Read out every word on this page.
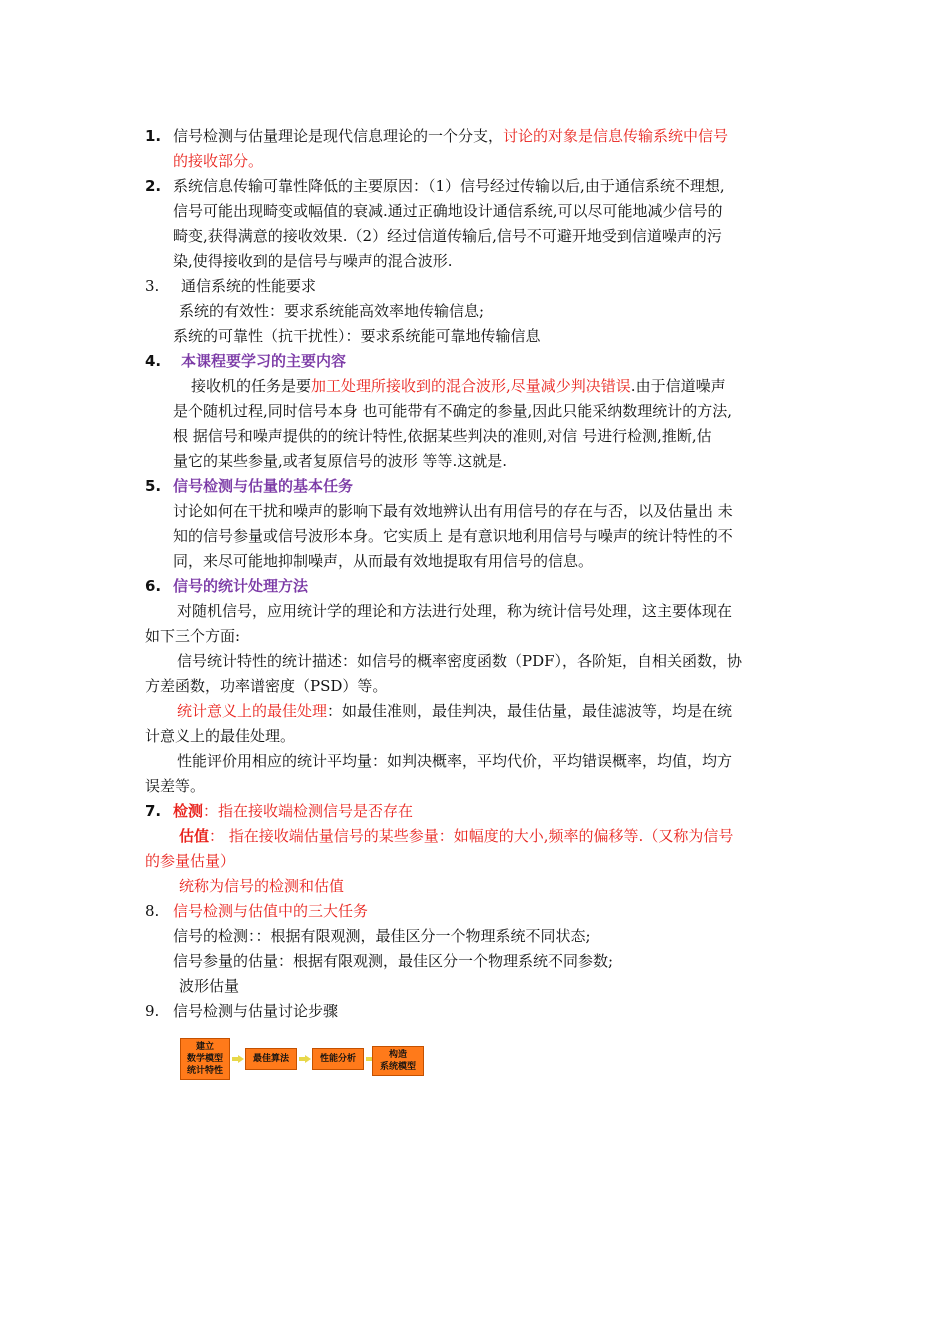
1. 信号检测与估量理论是现代信息理论的一个分支，讨论的对象是信息传输系统中信号
的接收部分。
2. 系统信息传输可靠性降低的主要原因：（1）信号经过传输以后,由于通信系统不理想,
信号可能出现畸变或幅值的衰减.通过正确地设计通信系统,可以尽可能地减少信号的
畸变,获得满意的接收效果.（2）经过信道传输后,信号不可避开地受到信道噪声的污
染,使得接收到的是信号与噪声的混合波形.
3. 通信系统的性能要求
系统的有效性：要求系统能高效率地传输信息;
系统的可靠性（抗干扰性）：要求系统能可靠地传输信息
4. 本课程要学习的主要内容
接收机的任务是要加工处理所接收到的混合波形,尽量减少判决错误.由于信道噪声
是个随机过程,同时信号本身 也可能带有不确定的参量,因此只能采纳数理统计的方法,
根 据信号和噪声提供的的统计特性,依据某些判决的准则,对信 号进行检测,推断,估
量它的某些参量,或者复原信号的波形 等等.这就是.
5. 信号检测与估量的基本任务
讨论如何在干扰和噪声的影响下最有效地辨认出有用信号的存在与否，以及估量出 未
知的信号参量或信号波形本身。它实质上 是有意识地利用信号与噪声的统计特性的不
同，来尽可能地抑制噪声，从而最有效地提取有用信号的信息。
6. 信号的统计处理方法
对随机信号，应用统计学的理论和方法进行处理，称为统计信号处理，这主要体现在
如下三个方面:
信号统计特性的统计描述：如信号的概率密度函数（PDF），各阶矩，自相关函数，协
方差函数，功率谱密度（PSD）等。
统计意义上的最佳处理：如最佳准则，最佳判决，最佳估量，最佳滤波等，均是在统
计意义上的最佳处理。
性能评价用相应的统计平均量：如判决概率，平均代价，平均错误概率，均值，均方
误差等。
7. 检测：指在接收端检测信号是否存在
估值： 指在接收端估量信号的某些参量：如幅度的大小,频率的偏移等.（又称为信号
的参量估量）
统称为信号的检测和估值
8. 信号检测与估值中的三大任务
信号的检测：：根据有限观测，最佳区分一个物理系统不同状态;
信号参量的估量：根据有限观测，最佳区分一个物理系统不同参数;
波形估量
9. 信号检测与估量讨论步骤
建立
数学模型
统计特性
最佳算法	性能分析	构造
系统模型
